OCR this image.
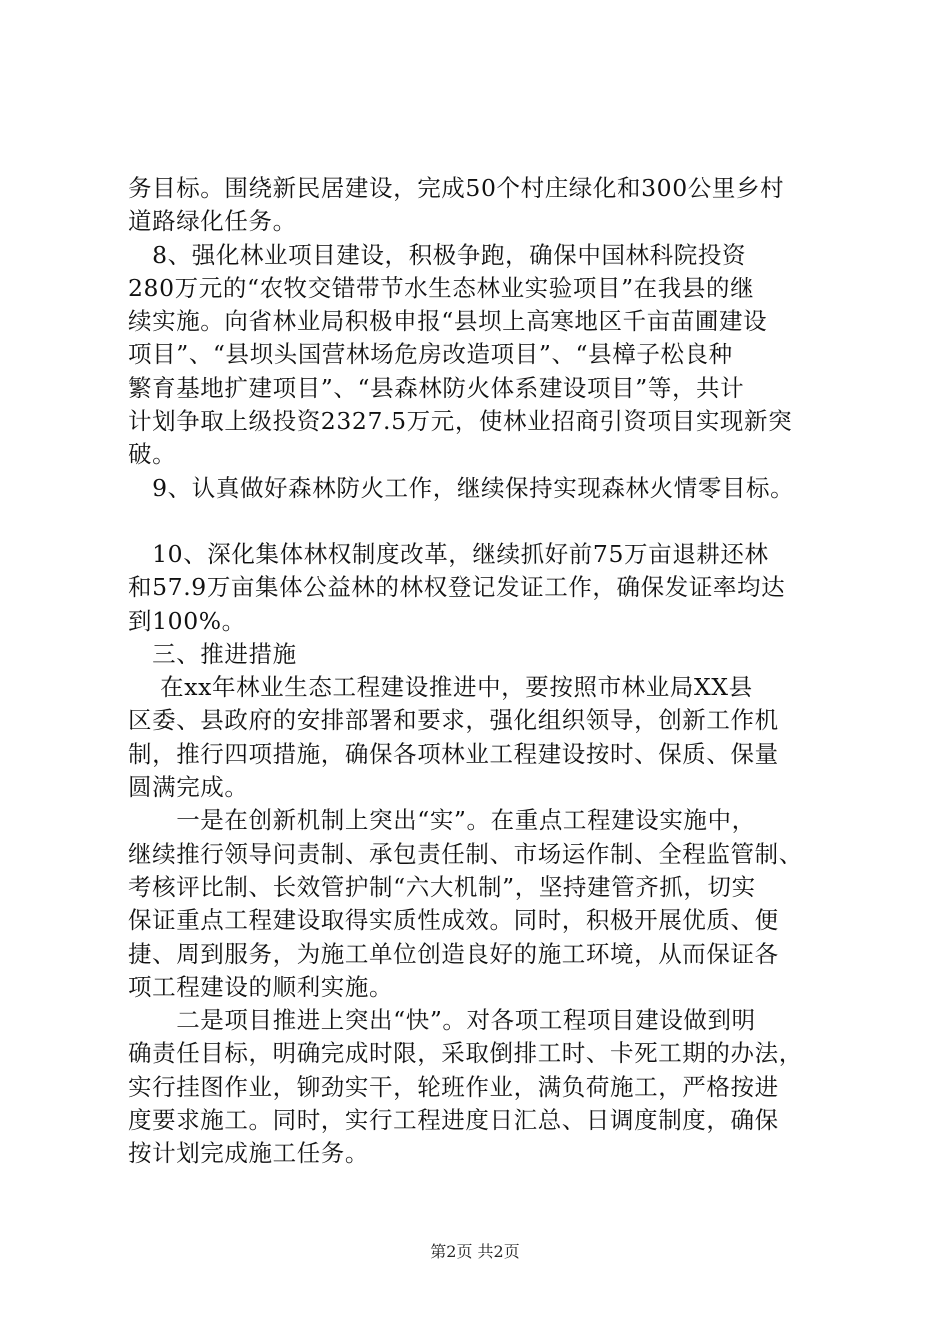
务目标。围绕新民居建设，完成50个村庄绿化和300公里乡村
道路绿化任务。
　8、强化林业项目建设，积极争跑，确保中国林科院投资
280万元的“农牧交错带节水生态林业实验项目”在我县的继
续实施。向省林业局积极申报“县坝上高寒地区千亩苗圃建设
项目”、“县坝头国营林场危房改造项目”、“县樟子松良种
繁育基地扩建项目”、“县森林防火体系建设项目”等，共计
计划争取上级投资2327.5万元，使林业招商引资项目实现新突
破。
　9、认真做好森林防火工作，继续保持实现森林火情零目标。
　10、深化集体林权制度改革，继续抓好前75万亩退耕还林
和57.9万亩集体公益林的林权登记发证工作，确保发证率均达
到100%。
　三、推进措施
　 在xx年林业生态工程建设推进中，要按照市林业局XX县
区委、县政府的安排部署和要求，强化组织领导，创新工作机
制，推行四项措施，确保各项林业工程建设按时、保质、保量
圆满完成。
　　一是在创新机制上突出“实”。在重点工程建设实施中，
继续推行领导问责制、承包责任制、市场运作制、全程监管制、
考核评比制、长效管护制“六大机制”，坚持建管齐抓，切实
保证重点工程建设取得实质性成效。同时，积极开展优质、便
捷、周到服务，为施工单位创造良好的施工环境，从而保证各
项工程建设的顺利实施。
　　二是项目推进上突出“快”。对各项工程项目建设做到明
确责任目标，明确完成时限，采取倒排工时、卡死工期的办法，
实行挂图作业，铆劲实干，轮班作业，满负荷施工，严格按进
度要求施工。同时，实行工程进度日汇总、日调度制度，确保
按计划完成施工任务。
第2页 共2页
